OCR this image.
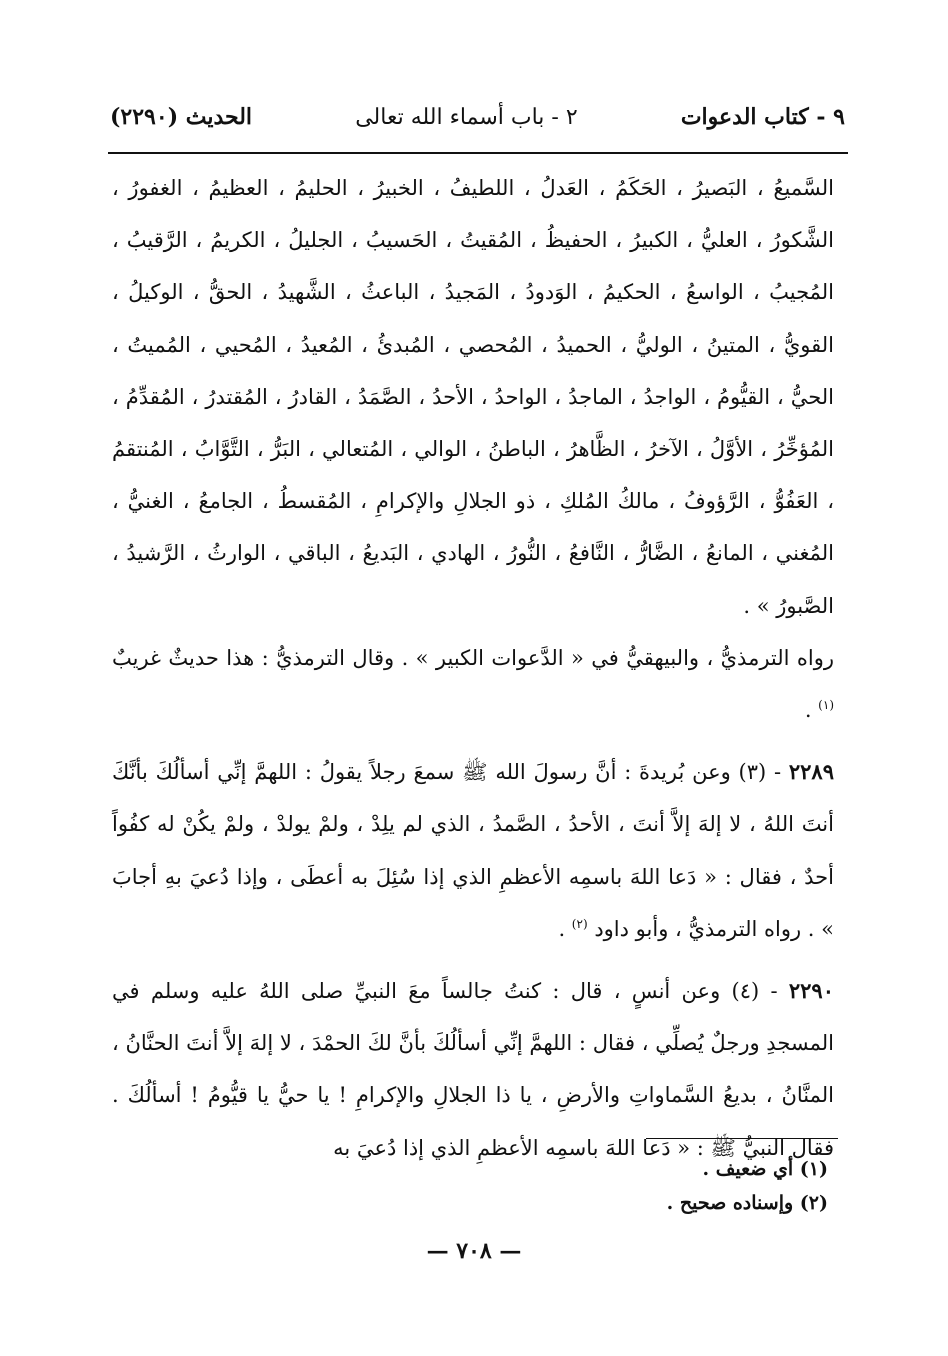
٩ - كتاب الدعوات
٢ - باب أسماء الله تعالى
الحديث (٢٢٩٠)

السَّميعُ ، البَصيرُ ، الحَكَمُ ، العَدلُ ، اللطيفُ ، الخبيرُ ، الحليمُ ، العظيمُ ، الغفورُ ، الشَّكورُ ، العليُّ ، الكبيرُ ، الحفيظُ ، المُقيتُ ، الحَسيبُ ، الجليلُ ، الكريمُ ، الرَّقيبُ ، المُجيبُ ، الواسعُ ، الحكيمُ ، الوَدودُ ، المَجيدُ ، الباعثُ ، الشَّهيدُ ، الحقُّ ، الوكيلُ ، القويُّ ، المتينُ ، الوليُّ ، الحميدُ ، المُحصي ، المُبدئُ ، المُعيدُ ، المُحيي ، المُميتُ ، الحيُّ ، القيُّومُ ، الواجدُ ، الماجدُ ، الواحدُ ، الأحدُ ، الصَّمَدُ ، القادرُ ، المُقتدرُ ، المُقدِّمُ ، المُؤخِّرُ ، الأوَّلُ ، الآخرُ ، الظَّاهرُ ، الباطنُ ، الوالي ، المُتعالي ، البَرُّ ، التَّوَّابُ ، المُنتقمُ ، العَفُوُّ ، الرَّؤوفُ ، مالكُ المُلكِ ، ذو الجلالِ والإكرامِ ، المُقسطُ ، الجامعُ ، الغنيُّ ، المُغني ، المانعُ ، الضَّارُّ ، النَّافعُ ، النُّورُ ، الهادي ، البَديعُ ، الباقي ، الوارثُ ، الرَّشيدُ ، الصَّبورُ » .

رواه الترمذيُّ ، والبيهقيُّ في « الدَّعوات الكبير » . وقال الترمذيُّ : هذا حديثٌ غريبٌ $^{(١)}$ .

٢٢٨٩ - (٣) وعن بُريدةَ : أنَّ رسولَ الله ﷺ سمعَ رجلاً يقولُ : اللهمَّ إنِّي أسألُكَ بأنَّكَ أنتَ اللهُ ، لا إلهَ إلاَّ أنتَ ، الأحدُ ، الصَّمدُ ، الذي لم يلِدْ ، ولمْ يولدْ ، ولمْ يكُنْ له كفُواً أحدٌ ، فقال : « دَعا اللهَ باسمِه الأعظمِ الذي إذا سُئِلَ به أعطَى ، وإذا دُعيَ بهِ أجابَ » . رواه الترمذيُّ ، وأبو داود $^{(٢)}$ .

٢٢٩٠ - (٤) وعن أنسٍ ، قال : كنتُ جالساً معَ النبيِّ صلى اللهُ عليه وسلم في المسجدِ ورجلٌ يُصلِّي ، فقال : اللهمَّ إنِّي أسألُكَ بأنَّ لكَ الحمْدَ ، لا إلهَ إلاَّ أنتَ الحنَّانُ ، المنَّانُ ، بديعُ السَّماواتِ والأرضِ ، يا ذا الجلالِ والإكرامِ ! يا حيُّ يا قيُّومُ ! أسألُكَ . فقال النبيُّ ﷺ : « دَعا اللهَ باسمِه الأعظمِ الذي إذا دُعيَ به

(١) أي ضعيف .

(٢) وإسناده صحيح .

— ٧٠٨ —
